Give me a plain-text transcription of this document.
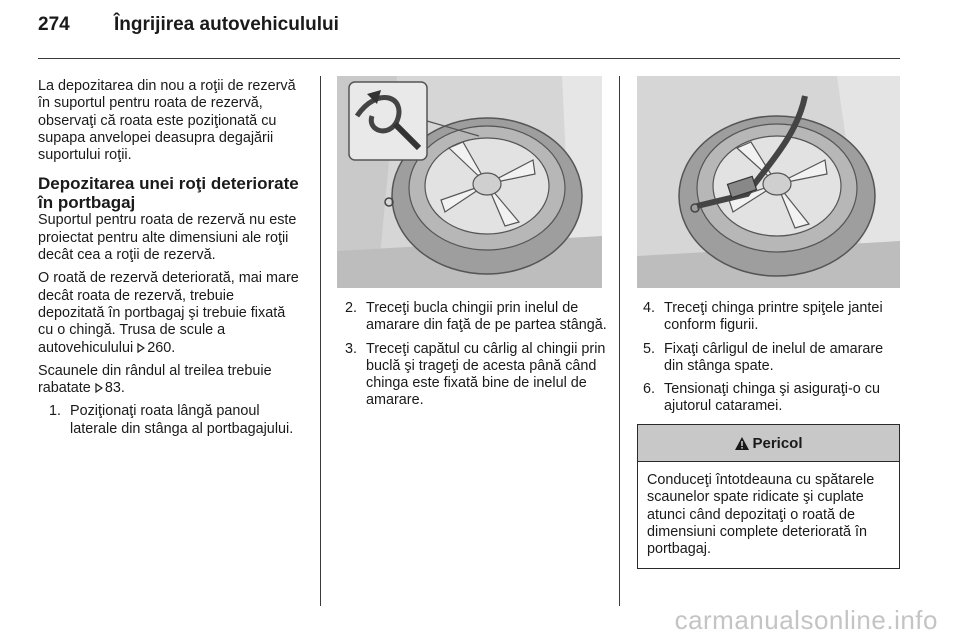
274	Îngrijirea autovehiculului

La depozitarea din nou a roţii de rezervă în suportul pentru roata de rezervă, observaţi că roata este poziţionată cu supapa anvelopei deasupra degajării suportului roţii.

Depozitarea unei roţi deteriorate în portbagaj

Suportul pentru roata de rezervă nu este proiectat pentru alte dimensiuni ale roţii decât cea a roţii de rezervă.

O roată de rezervă deteriorată, mai mare decât roata de rezervă, trebuie depozitată în portbagaj şi trebuie fixată cu o chingă. Trusa de scule a autovehiculului 260.

Scaunele din rândul al treilea trebuie rabatate 83.

1. Poziţionaţi roata lângă panoul laterale din stânga al portbagajului.
2. Treceţi bucla chingii prin inelul de amarare din faţă de pe partea stângă.
3. Treceţi capătul cu cârlig al chingii prin buclă şi trageţi de acesta până când chinga este fixată bine de inelul de amarare.
4. Treceţi chinga printre spiţele jantei conform figurii.
5. Fixaţi cârligul de inelul de amarare din stânga spate.
6. Tensionaţi chinga şi asiguraţi-o cu ajutorul cataramei.
Pericol
Conduceţi întotdeauna cu spătarele scaunelor spate ridicate şi cuplate atunci când depozitaţi o roată de dimensiuni complete deteriorată în portbagaj.
carmanualsonline.info
